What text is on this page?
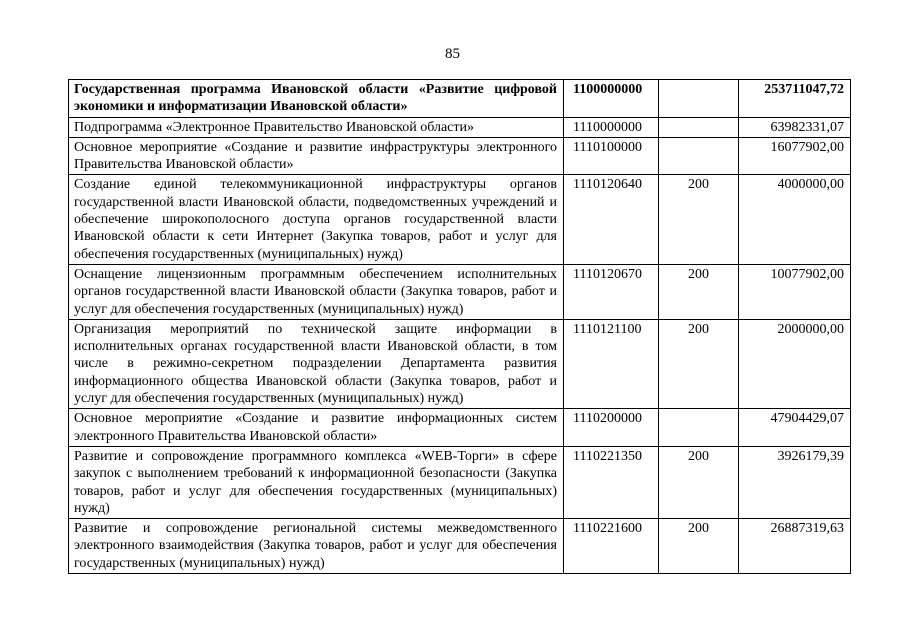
85
Государственная программа Ивановской области «Развитие цифровой экономики и информатизации Ивановской области»	1100000000		253711047,72
Подпрограмма «Электронное Правительство Ивановской области»	1110000000		63982331,07
Основное мероприятие «Создание и развитие инфраструктуры электронного Правительства Ивановской области»	1110100000		16077902,00
Создание единой телекоммуникационной инфраструктуры органов государственной власти Ивановской области, подведомственных учреждений и обеспечение широкополосного доступа органов государственной власти Ивановской области к сети Интернет (Закупка товаров, работ и услуг для обеспечения государственных (муниципальных) нужд)	1110120640	200	4000000,00
Оснащение лицензионным программным обеспечением исполнительных органов государственной власти Ивановской области (Закупка товаров, работ и услуг для обеспечения государственных (муниципальных) нужд)	1110120670	200	10077902,00
Организация мероприятий по технической защите информации в исполнительных органах государственной власти Ивановской области, в том числе в режимно-секретном подразделении Департамента развития информационного общества Ивановской области (Закупка товаров, работ и услуг для обеспечения государственных (муниципальных) нужд)	1110121100	200	2000000,00
Основное мероприятие «Создание и развитие информационных систем электронного Правительства Ивановской области»	1110200000		47904429,07
Развитие и сопровождение программного комплекса «WEB-Торги» в сфере закупок с выполнением требований к информационной безопасности (Закупка товаров, работ и услуг для обеспечения государственных (муниципальных) нужд)	1110221350	200	3926179,39
Развитие и сопровождение региональной системы межведомственного электронного взаимодействия (Закупка товаров, работ и услуг для обеспечения государственных (муниципальных) нужд)	1110221600	200	26887319,63
